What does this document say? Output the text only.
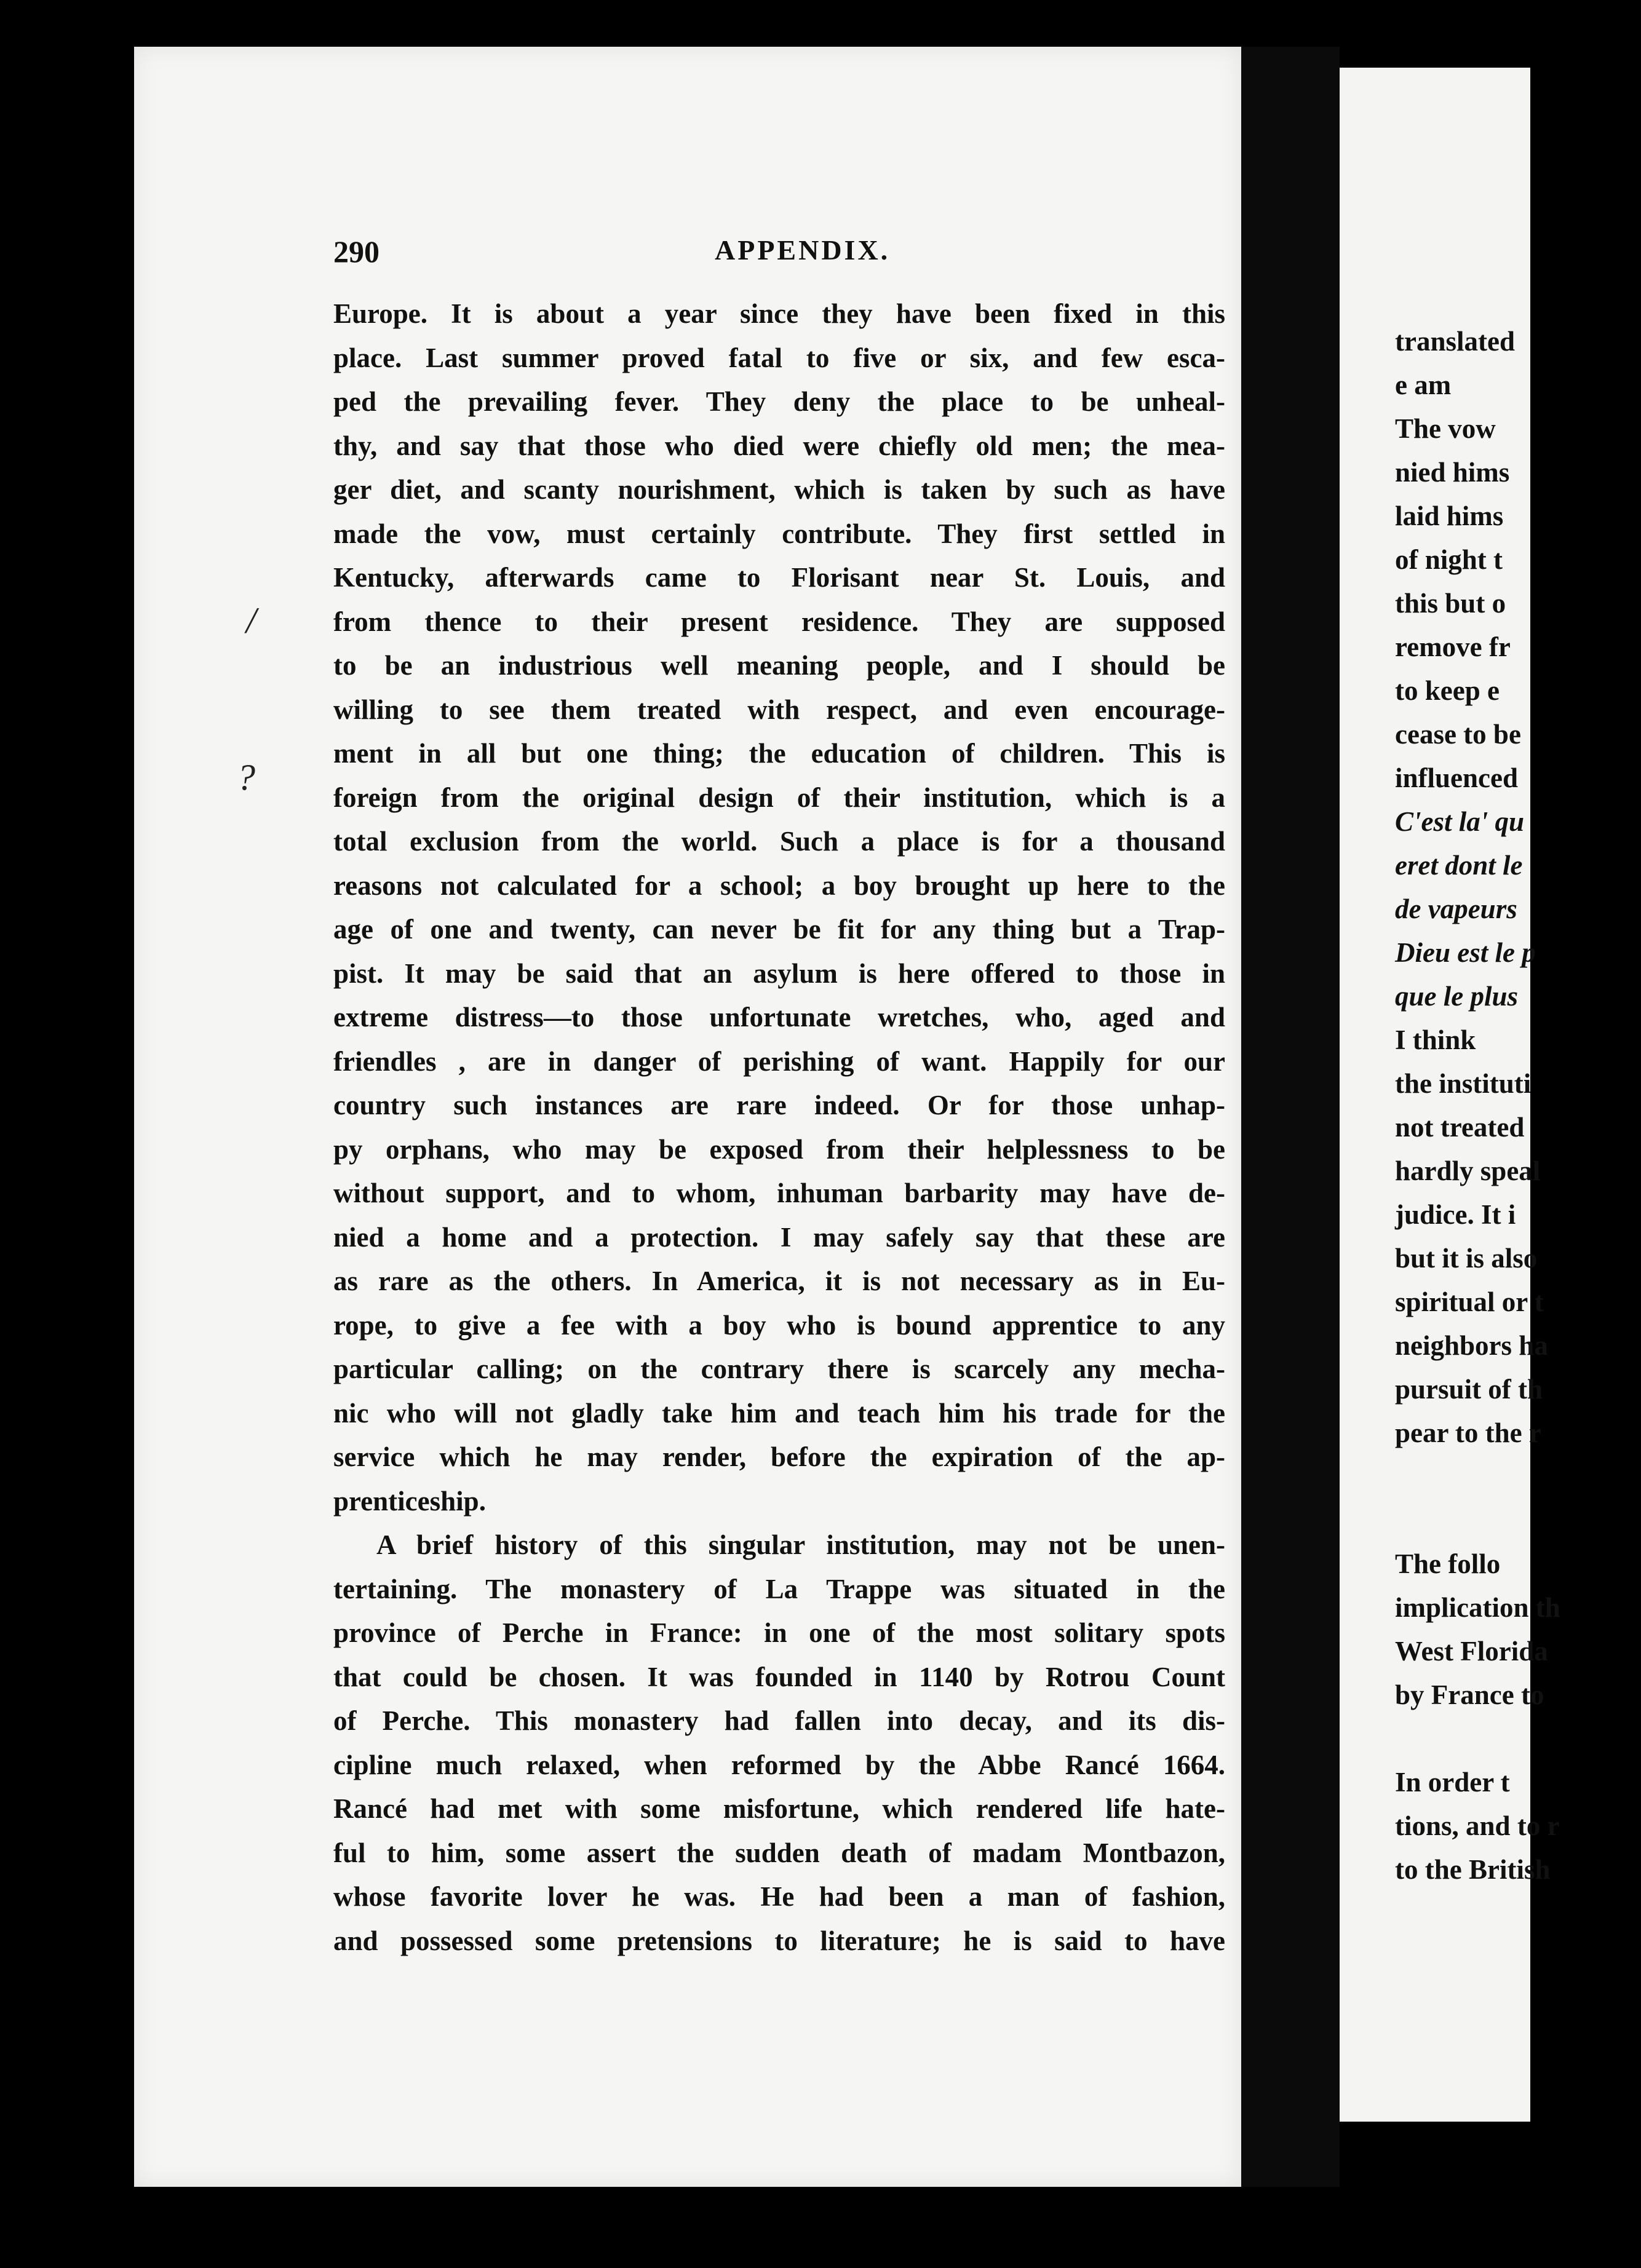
290	APPENDIX.
Europe. It is about a year since they have been fixed in this
place. Last summer proved fatal to five or six, and few esca-
ped the prevailing fever. They deny the place to be unheal-
thy, and say that those who died were chiefly old men; the mea-
ger diet, and scanty nourishment, which is taken by such as have
made the vow, must certainly contribute. They first settled in
Kentucky, afterwards came to Florisant near St. Louis, and
from thence to their present residence. They are supposed
to be an industrious well meaning people, and I should be
willing to see them treated with respect, and even encourage-
ment in all but one thing; the education of children. This is
foreign from the original design of their institution, which is a
total exclusion from the world. Such a place is for a thousand
reasons not calculated for a school; a boy brought up here to the
age of one and twenty, can never be fit for any thing but a Trap-
pist. It may be said that an asylum is here offered to those in
extreme distress—to those unfortunate wretches, who, aged and
friendles , are in danger of perishing of want. Happily for our
country such instances are rare indeed. Or for those unhap-
py orphans, who may be exposed from their helplessness to be
without support, and to whom, inhuman barbarity may have de-
nied a home and a protection. I may safely say that these are
as rare as the others. In America, it is not necessary as in Eu-
rope, to give a fee with a boy who is bound apprentice to any
particular calling; on the contrary there is scarcely any mecha-
nic who will not gladly take him and teach him his trade for the
service which he may render, before the expiration of the ap-
prenticeship.
A brief history of this singular institution, may not be unen-
tertaining. The monastery of La Trappe was situated in the
province of Perche in France: in one of the most solitary spots
that could be chosen. It was founded in 1140 by Rotrou Count
of Perche. This monastery had fallen into decay, and its dis-
cipline much relaxed, when reformed by the Abbe Rancé 1664.
Rancé had met with some misfortune, which rendered life hate-
ful to him, some assert the sudden death of madam Montbazon,
whose favorite lover he was. He had been a man of fashion,
and possessed some pretensions to literature; he is said to have
/
?
translated
e am
The vow
nied hims
laid hims
of night t
this but o
remove fr
to keep e
cease to be
influenced
C'est la' qu
eret dont le
de vapeurs
Dieu est le p
que le plus
I think
the instituti
not treated
hardly speal
judice. It i
but it is also
spiritual or t
neighbors ha
pursuit of th
pear to the r
The follo
implication th
West Florida
by France to
In order t
tions, and to r
to the British
